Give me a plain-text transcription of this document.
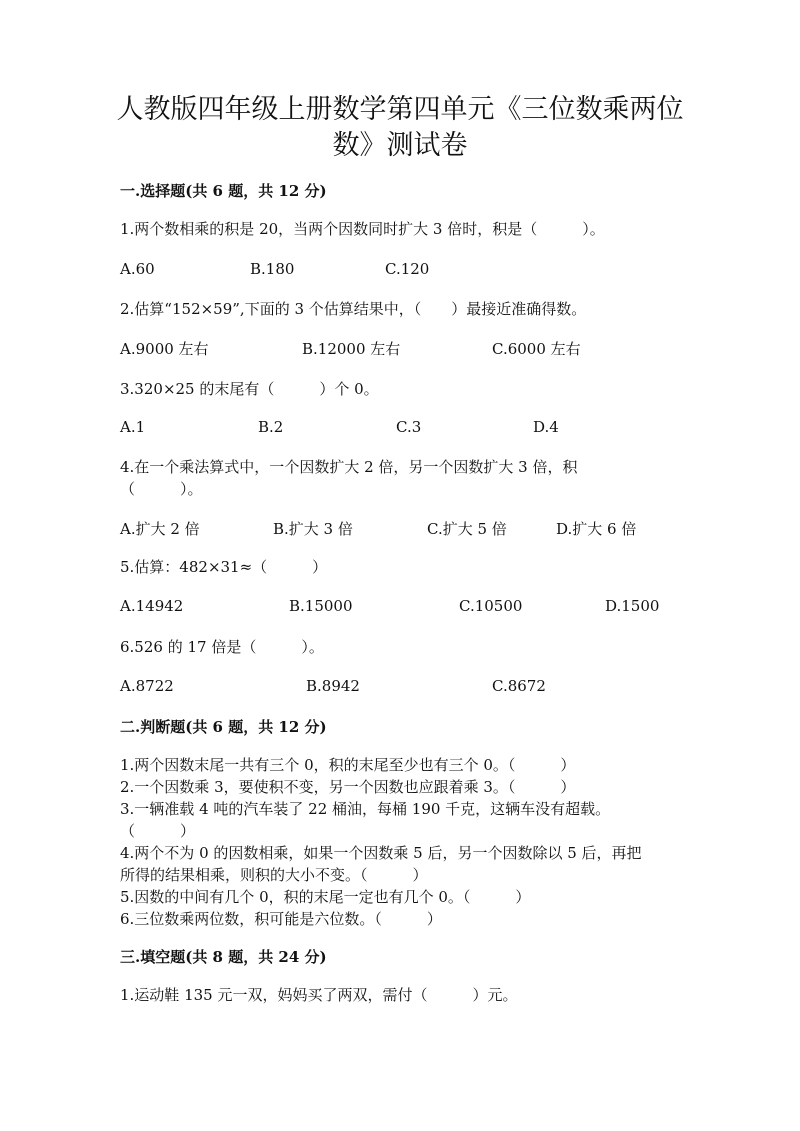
人教版四年级上册数学第四单元《三位数乘两位
数》测试卷
一.选择题(共 6 题，共 12 分)
1.两个数相乘的积是 20，当两个因数同时扩大 3 倍时，积是（　　　）。
A.60	B.180	C.120
2.估算“152×59”,下面的 3 个估算结果中，（　　）最接近准确得数。
A.9000 左右	B.12000 左右	C.6000 左右
3.320×25 的末尾有（　　　）个 0。
A.1	B.2	C.3	D.4
4.在一个乘法算式中，一个因数扩大 2 倍，另一个因数扩大 3 倍，积
（　　　）。
A.扩大 2 倍	B.扩大 3 倍	C.扩大 5 倍	D.扩大 6 倍
5.估算：482×31≈（　　　）
A.14942	B.15000	C.10500	D.1500
6.526 的 17 倍是（　　　）。
A.8722	B.8942	C.8672
二.判断题(共 6 题，共 12 分)
1.两个因数末尾一共有三个 0，积的末尾至少也有三个 0。（　　　）
2.一个因数乘 3，要使积不变，另一个因数也应跟着乘 3。（　　　）
3.一辆准载 4 吨的汽车装了 22 桶油，每桶 190 千克，这辆车没有超载。
（　　　）
4.两个不为 0 的因数相乘，如果一个因数乘 5 后，另一个因数除以 5 后，再把
所得的结果相乘，则积的大小不变。（　　　）
5.因数的中间有几个 0，积的末尾一定也有几个 0。（　　　）
6.三位数乘两位数，积可能是六位数。（　　　）
三.填空题(共 8 题，共 24 分)
1.运动鞋 135 元一双，妈妈买了两双，需付（　　　）元。
